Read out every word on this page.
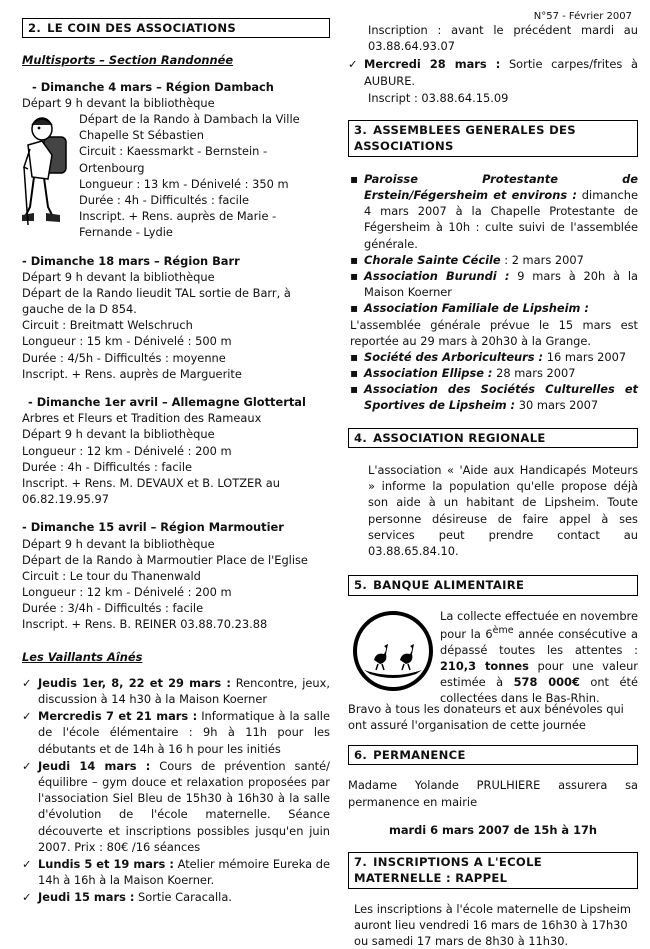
N°57 - Février 2007
2. LE COIN DES ASSOCIATIONS
Multisports – Section Randonnée
- Dimanche 4 mars – Région Dambach
Départ 9 h devant la bibliothèque
Départ de la Rando à Dambach la Ville Chapelle St Sébastien
Circuit : Kaessmarkt - Bernstein - Ortenbourg
Longueur : 13 km - Dénivelé : 350 m
Durée : 4h - Difficultés : facile
Inscript. + Rens. auprès de Marie - Fernande - Lydie
- Dimanche 18 mars – Région Barr
Départ 9 h devant la bibliothèque
Départ de la Rando lieudit TAL sortie de Barr, à gauche de la D 854.
Circuit : Breitmatt Welschruch
Longueur : 15 km - Dénivelé : 500 m
Durée : 4/5h - Difficultés : moyenne
Inscript. + Rens. auprès de Marguerite
- Dimanche 1er avril – Allemagne Glottertal
Arbres et Fleurs et Tradition des Rameaux
Départ 9 h devant la bibliothèque
Longueur : 12 km - Dénivelé : 200 m
Durée : 4h - Difficultés : facile
Inscript. + Rens. M. DEVAUX et B. LOTZER au 06.82.19.95.97
- Dimanche 15 avril – Région Marmoutier
Départ 9 h devant la bibliothèque
Départ de la Rando à Marmoutier Place de l'Eglise
Circuit : Le tour du Thanenwald
Longueur : 12 km - Dénivelé : 200 m
Durée : 3/4h - Difficultés : facile
Inscript. + Rens. B. REINER 03.88.70.23.88
Les Vaillants Aînés
✓ Jeudis 1er, 8, 22 et 29 mars : Rencontre, jeux, discussion à 14 h30 à la Maison Koerner
✓ Mercredis 7 et 21 mars : Informatique à la salle de l'école élémentaire : 9h à 11h pour les débutants et de 14h à 16 h pour les initiés
✓ Jeudi 14 mars : Cours de prévention santé/équilibre – gym douce et relaxation proposées par l'association Siel Bleu de 15h30 à 16h30 à la salle d'évolution de l'école maternelle. Séance découverte et inscriptions possibles jusqu'en juin 2007. Prix : 80€ /16 séances
✓ Lundis 5 et 19 mars : Atelier mémoire Eureka de 14h à 16h à la Maison Koerner.
✓ Jeudi 15 mars : Sortie Caracalla.
Inscription : avant le précédent mardi au 03.88.64.93.07
✓ Mercredi 28 mars : Sortie carpes/frites à AUBURE.
Inscript : 03.88.64.15.09
3. ASSEMBLEES GENERALES DES ASSOCIATIONS
▪ Paroisse Protestante de Erstein/Fégersheim et environs : dimanche 4 mars 2007 à la Chapelle Protestante de Fégersheim à 10h : culte suivi de l'assemblée générale.
▪ Chorale Sainte Cécile : 2 mars 2007
▪ Association Burundi : 9 mars à 20h à la Maison Koerner
▪ Association Familiale de Lipsheim :
L'assemblée générale prévue le 15 mars est reportée au 29 mars à 20h30 à la Grange.
▪ Société des Arboriculteurs : 16 mars 2007
▪ Association Ellipse : 28 mars 2007
▪ Association des Sociétés Culturelles et Sportives de Lipsheim : 30 mars 2007
4. ASSOCIATION REGIONALE
L'association « 'Aide aux Handicapés Moteurs » informe la population qu'elle propose déjà son aide à un habitant de Lipsheim. Toute personne désireuse de faire appel à ses services peut prendre contact au 03.88.65.84.10.
5. BANQUE ALIMENTAIRE
La collecte effectuée en novembre pour la 6ème année consécutive a dépassé toutes les attentes : 210,3 tonnes pour une valeur estimée à 578 000€ ont été collectées dans le Bas-Rhin.
Bravo à tous les donateurs et aux bénévoles qui ont assuré l'organisation de cette journée
6. PERMANENCE
Madame Yolande PRULHIERE assurera sa permanence en mairie
mardi 6 mars 2007 de 15h à 17h
7. INSCRIPTIONS A L'ECOLE MATERNELLE : RAPPEL
Les inscriptions à l'école maternelle de Lipsheim auront lieu vendredi 16 mars de 16h30 à 17h30 ou samedi 17 mars de 8h30 à 11h30.
